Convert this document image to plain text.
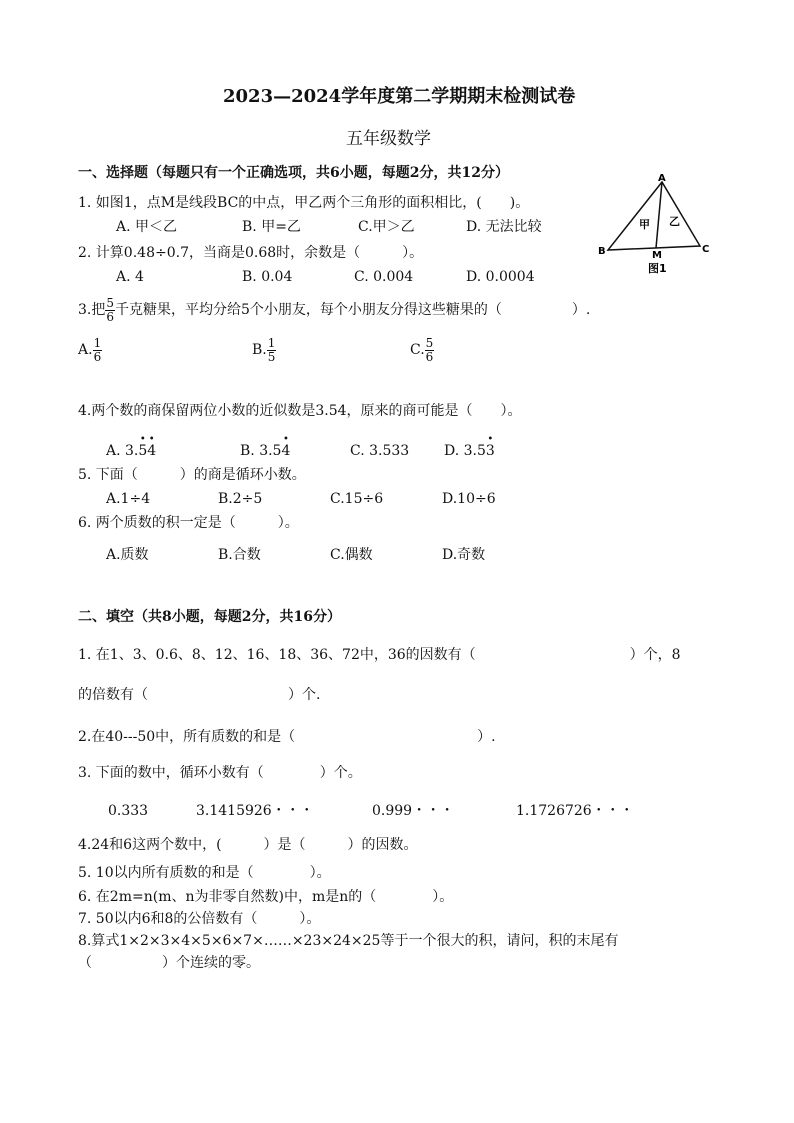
2023—2024学年度第二学期期末检测试卷
五年级数学
一、选择题（每题只有一个正确选项，共6小题，每题2分，共12分）
1. 如图1，点M是线段BC的中点，甲乙两个三角形的面积相比，(　　)。
A. 甲＜乙	B. 甲=乙	C.甲＞乙	D. 无法比较
2. 计算0.48÷0.7，当商是0.68时，余数是（　　　）。
A. 4	B. 0.04	C. 0.004	D. 0.0004
A
B	C
M
甲 乙
图1
3.把 $\frac{5}{6}$ 千克糖果，平均分给5个小朋友，每个小朋友分得这些糖果的（　　　　　）.
A. $\frac{1}{6}$	B. $\frac{1}{5}$	C. $\frac{5}{6}$
4.两个数的商保留两位小数的近似数是3.54，原来的商可能是（　　）。
A. 3.• 5• 4	B. 3.5• 4	C. 3.533 D. 3.5• 3
5. 下面（　　　）的商是循环小数。
A.1÷4	B.2÷5	C.15÷6	D.10÷6
6. 两个质数的积一定是（　　　）。
A.质数	B.合数	C.偶数	D.奇数
二、填空（共8小题，每题2分，共16分）
1. 在1、3、0.6、8、12、16、18、36、72中，36的因数有（　　　　　　　　　　　）个，8
的倍数有（　　　　　　　　　　）个.
2.在40---50中，所有质数的和是（　　　　　　　　　　　　　）.
3. 下面的数中，循环小数有（　　　　）个。
0.333	3.1415926・・・	0.999・・・	1.1726726・・・
4.24和6这两个数中，(　　　）是（　　　）的因数。
5. 10以内所有质数的和是（　　　　）。
6. 在2m=n(m、n为非零自然数)中，m是n的（　　　　）。
7. 50以内6和8的公倍数有（　　　）。
8.算式1×2×3×4×5×6×7×……×23×24×25等于一个很大的积，请问，积的末尾有
（　　　　　）个连续的零。
